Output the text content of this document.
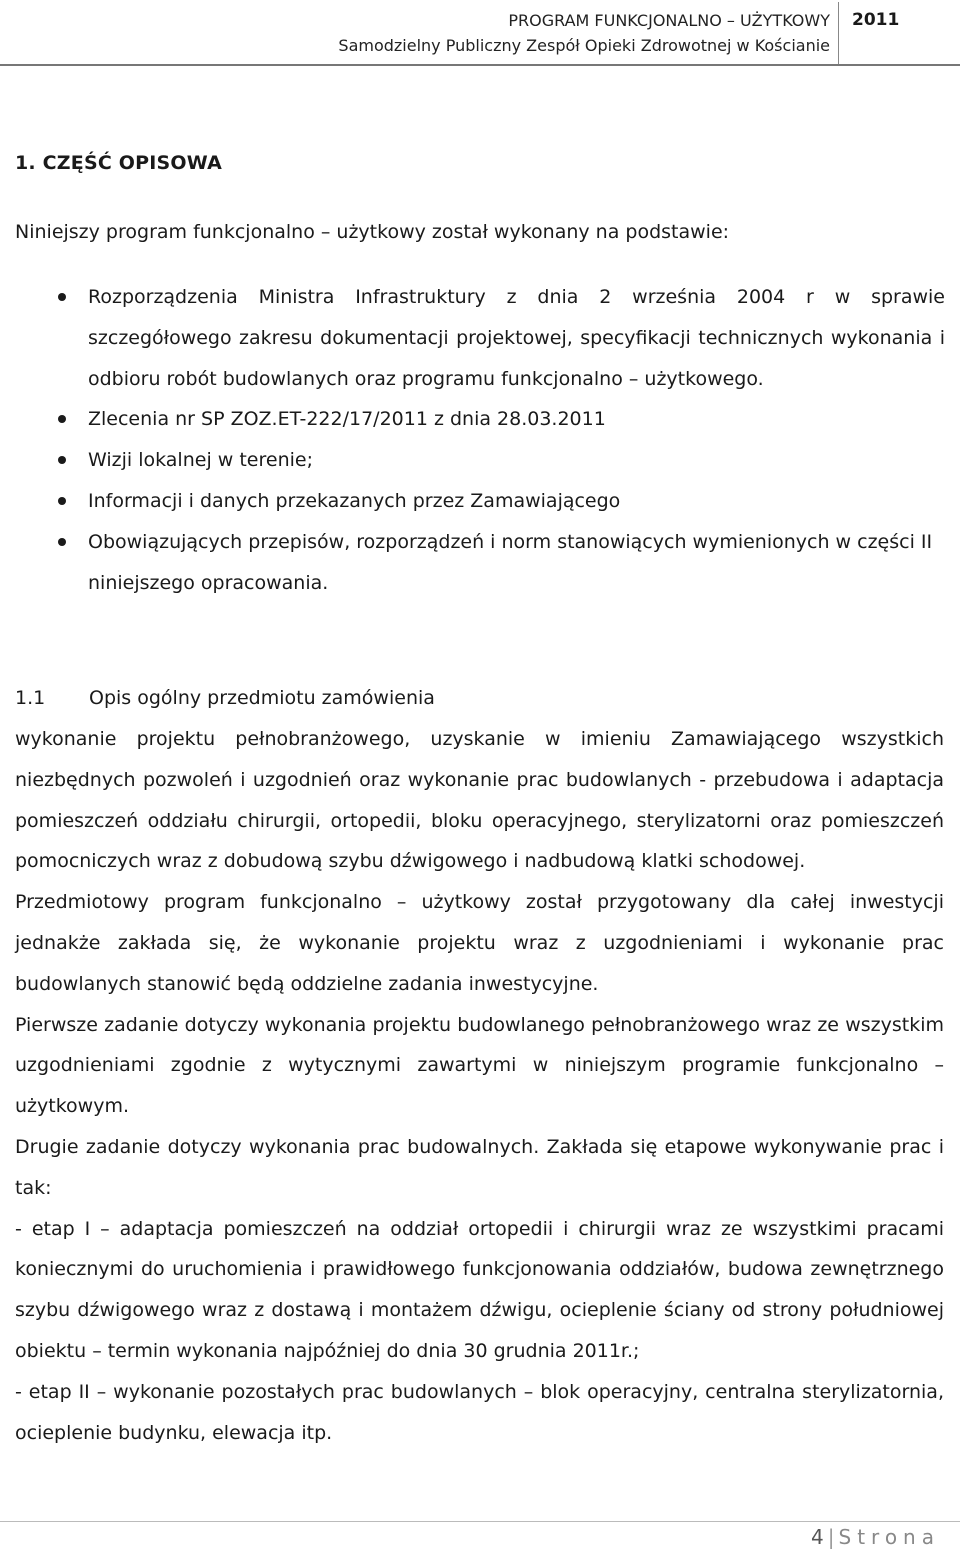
PROGRAM FUNKCJONALNO – UŻYTKOWY
Samodzielny Publiczny Zespół Opieki Zdrowotnej w Kościanie
2011
1. CZĘŚĆ OPISOWA

Niniejszy program funkcjonalno – użytkowy został wykonany na podstawie:

Rozporządzenia Ministra Infrastruktury z dnia 2 września 2004 r w sprawie szczegółowego zakresu dokumentacji projektowej, specyfikacji technicznych wykonania i odbioru robót budowlanych oraz programu funkcjonalno – użytkowego.
Zlecenia nr SP ZOZ.ET-222/17/2011 z dnia 28.03.2011
Wizji lokalnej w terenie;
Informacji i danych przekazanych przez Zamawiającego
Obowiązujących przepisów, rozporządzeń i norm stanowiących wymienionych w części II niniejszego opracowania.
1.1 Opis ogólny przedmiotu zamówienia

wykonanie projektu pełnobranżowego, uzyskanie w imieniu Zamawiającego wszystkich niezbędnych pozwoleń i uzgodnień oraz wykonanie prac budowlanych - przebudowa i adaptacja pomieszczeń oddziału chirurgii, ortopedii, bloku operacyjnego, sterylizatorni oraz pomieszczeń pomocniczych wraz z dobudową szybu dźwigowego i nadbudową klatki schodowej.

Przedmiotowy program funkcjonalno – użytkowy został przygotowany dla całej inwestycji jednakże zakłada się, że wykonanie projektu wraz z uzgodnieniami i wykonanie prac budowlanych stanowić będą oddzielne zadania inwestycyjne.

Pierwsze zadanie dotyczy wykonania projektu budowlanego pełnobranżowego wraz ze wszystkim uzgodnieniami zgodnie z wytycznymi zawartymi w niniejszym programie funkcjonalno – użytkowym.

Drugie zadanie dotyczy wykonania prac budowalnych. Zakłada się etapowe wykonywanie prac i tak:

- etap I – adaptacja pomieszczeń na oddział ortopedii i chirurgii wraz ze wszystkimi pracami koniecznymi do uruchomienia i prawidłowego funkcjonowania oddziałów, budowa zewnętrznego szybu dźwigowego wraz z dostawą i montażem dźwigu, ocieplenie ściany od strony południowej obiektu – termin wykonania najpóźniej do dnia 30 grudnia 2011r.;

- etap II – wykonanie pozostałych prac budowlanych – blok operacyjny, centralna sterylizatornia, ocieplenie budynku, elewacja itp.

4 | Strona
